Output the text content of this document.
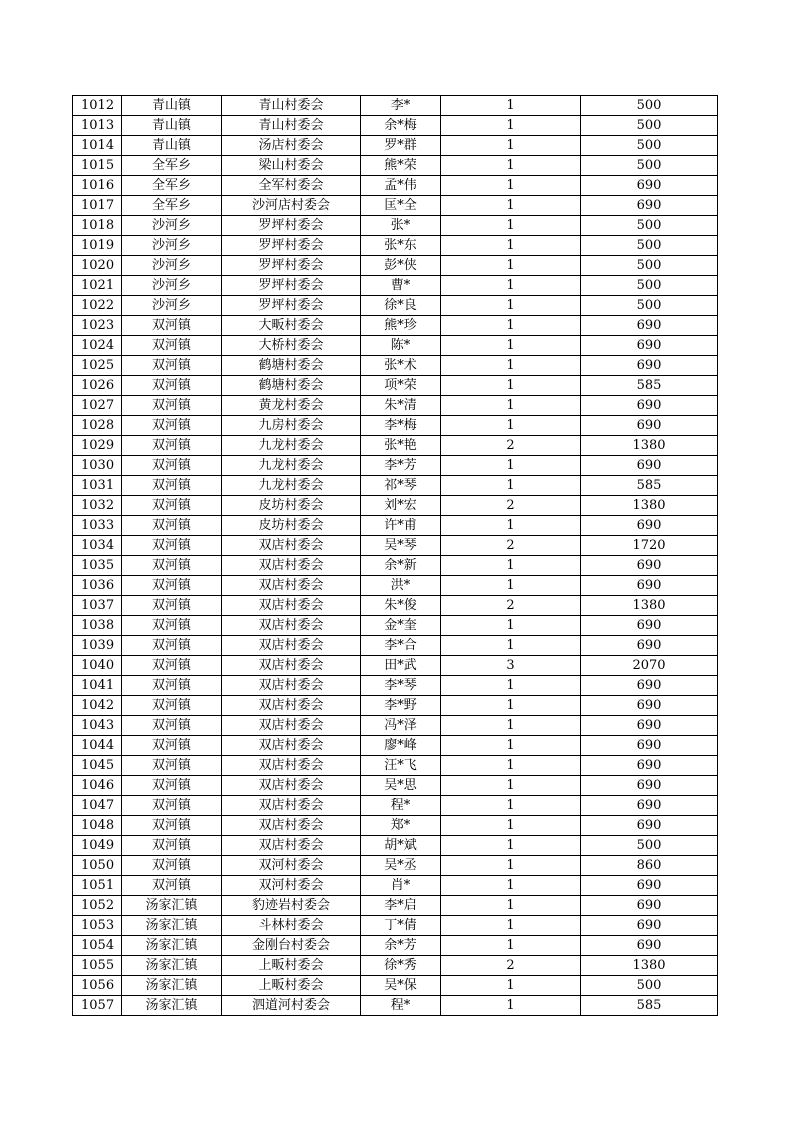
1012	青山镇	青山村委会	李*	1	500
1013	青山镇	青山村委会	余*梅	1	500
1014	青山镇	汤店村委会	罗*群	1	500
1015	全军乡	梁山村委会	熊*荣	1	500
1016	全军乡	全军村委会	孟*伟	1	690
1017	全军乡	沙河店村委会	匡*全	1	690
1018	沙河乡	罗坪村委会	张*	1	500
1019	沙河乡	罗坪村委会	张*东	1	500
1020	沙河乡	罗坪村委会	彭*侠	1	500
1021	沙河乡	罗坪村委会	曹*	1	500
1022	沙河乡	罗坪村委会	徐*良	1	500
1023	双河镇	大畈村委会	熊*珍	1	690
1024	双河镇	大桥村委会	陈*	1	690
1025	双河镇	鹤塘村委会	张*术	1	690
1026	双河镇	鹤塘村委会	项*荣	1	585
1027	双河镇	黄龙村委会	朱*清	1	690
1028	双河镇	九房村委会	李*梅	1	690
1029	双河镇	九龙村委会	张*艳	2	1380
1030	双河镇	九龙村委会	李*芳	1	690
1031	双河镇	九龙村委会	祁*琴	1	585
1032	双河镇	皮坊村委会	刘*宏	2	1380
1033	双河镇	皮坊村委会	许*甫	1	690
1034	双河镇	双店村委会	吴*琴	2	1720
1035	双河镇	双店村委会	余*新	1	690
1036	双河镇	双店村委会	洪*	1	690
1037	双河镇	双店村委会	朱*俊	2	1380
1038	双河镇	双店村委会	金*奎	1	690
1039	双河镇	双店村委会	李*合	1	690
1040	双河镇	双店村委会	田*武	3	2070
1041	双河镇	双店村委会	李*琴	1	690
1042	双河镇	双店村委会	李*野	1	690
1043	双河镇	双店村委会	冯*泽	1	690
1044	双河镇	双店村委会	廖*峰	1	690
1045	双河镇	双店村委会	汪*飞	1	690
1046	双河镇	双店村委会	吴*思	1	690
1047	双河镇	双店村委会	程*	1	690
1048	双河镇	双店村委会	郑*	1	690
1049	双河镇	双店村委会	胡*斌	1	500
1050	双河镇	双河村委会	吴*丞	1	860
1051	双河镇	双河村委会	肖*	1	690
1052	汤家汇镇	豹迹岩村委会	李*启	1	690
1053	汤家汇镇	斗林村委会	丁*倩	1	690
1054	汤家汇镇	金刚台村委会	余*芳	1	690
1055	汤家汇镇	上畈村委会	徐*秀	2	1380
1056	汤家汇镇	上畈村委会	吴*保	1	500
1057	汤家汇镇	泗道河村委会	程*	1	585
